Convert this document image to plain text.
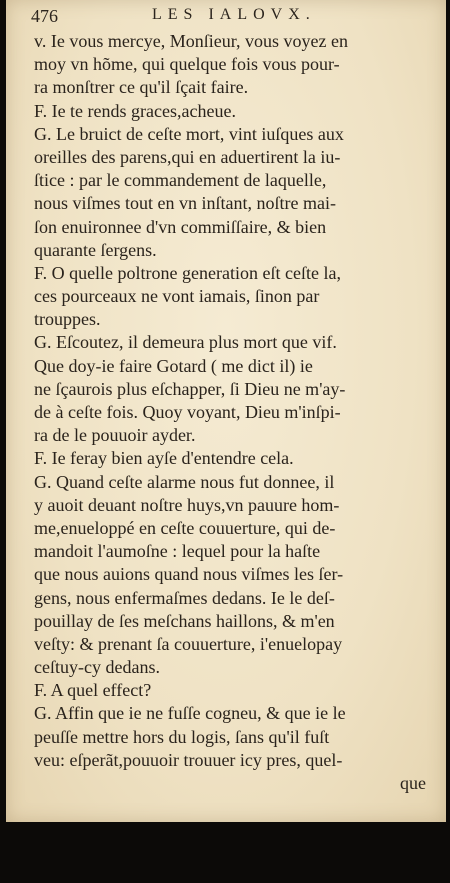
476	LES IALOVX.
v. Ie vous mercye, Monſieur, vous voyez en
moy vn hõme, qui quelque fois vous pour-
ra monſtrer ce qu'il ſçait faire.
F. Ie te rends graces,acheue.
G. Le bruict de ceſte mort, vint iuſques aux
oreilles des parens,qui en aduertirent la iu-
ſtice : par le commandement de laquelle,
nous viſmes tout en vn inſtant, noſtre mai-
ſon enuironnee d'vn commiſſaire, & bien
quarante ſergens.
F. O quelle poltrone generation eſt ceſte la,
ces pourceaux ne vont iamais, ſinon par
trouppes.
G. Eſcoutez, il demeura plus mort que vif.
Que doy-ie faire Gotard ( me dict il) ie
ne ſçaurois plus eſchapper, ſi Dieu ne m'ay-
de à ceſte fois. Quoy voyant, Dieu m'inſpi-
ra de le pouuoir ayder.
F. Ie feray bien ayſe d'entendre cela.
G. Quand ceſte alarme nous fut donnee, il
y auoit deuant noſtre huys,vn pauure hom-
me,enueloppé en ceſte couuerture, qui de-
mandoit l'aumoſne : lequel pour la haſte
que nous auions quand nous viſmes les ſer-
gens, nous enfermaſmes dedans. Ie le deſ-
pouillay de ſes meſchans haillons, & m'en
veſty: & prenant ſa couuerture, i'enuelopay
ceſtuy-cy dedans.
F. A quel effect?
G. Affin que ie ne fuſſe cogneu, & que ie le
peuſſe mettre hors du logis, ſans qu'il fuſt
veu: eſperãt,pouuoir trouuer icy pres, quel-
que
